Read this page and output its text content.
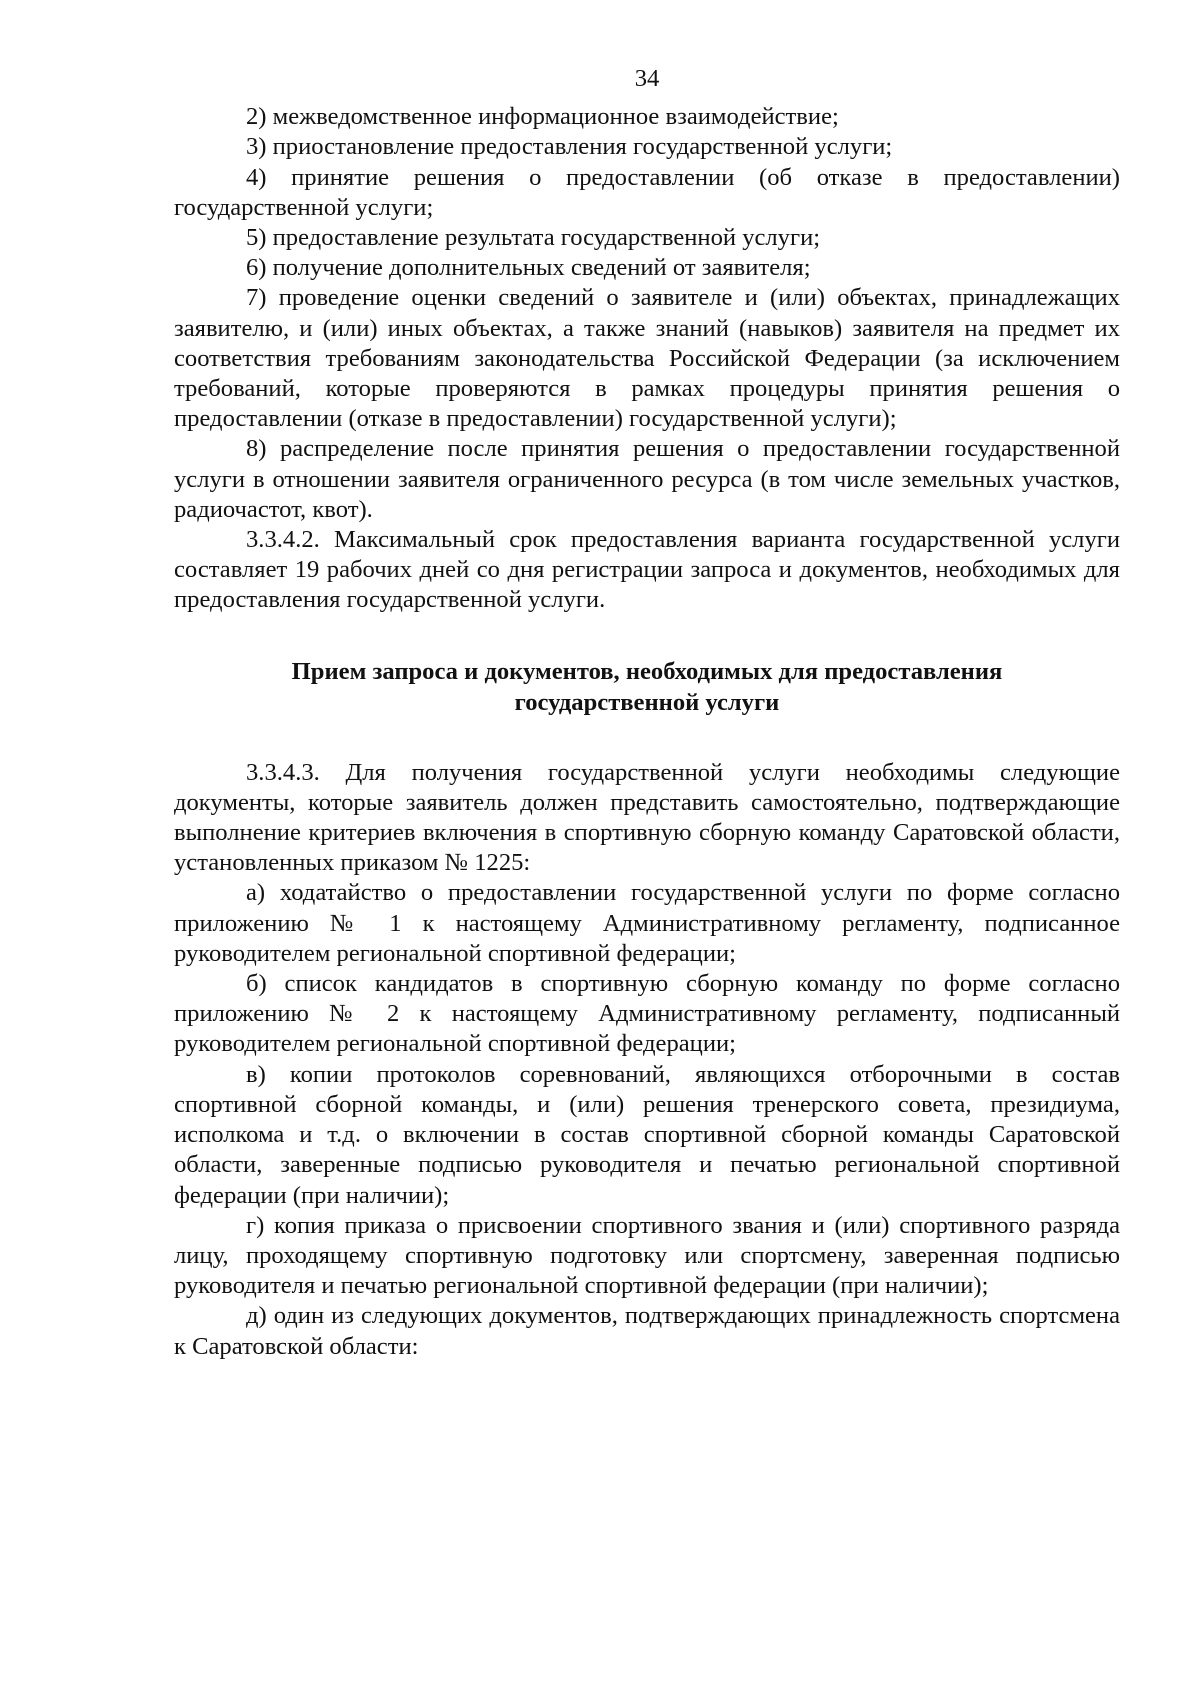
34

2) межведомственное информационное взаимодействие;

3) приостановление предоставления государственной услуги;

4) принятие решения о предоставлении (об отказе в предоставлении) государственной услуги;

5) предоставление результата государственной услуги;

6) получение дополнительных сведений от заявителя;

7) проведение оценки сведений о заявителе и (или) объектах, принадлежащих заявителю, и (или) иных объектах, а также знаний (навыков) заявителя на предмет их соответствия требованиям законодательства Российской Федерации (за исключением требований, которые проверяются в рамках процедуры принятия решения о предоставлении (отказе в предоставлении) государственной услуги);

8) распределение после принятия решения о предоставлении государственной услуги в отношении заявителя ограниченного ресурса (в том числе земельных участков, радиочастот, квот).

3.3.4.2. Максимальный срок предоставления варианта государственной услуги составляет 19 рабочих дней со дня регистрации запроса и документов, необходимых для предоставления государственной услуги.

Прием запроса и документов, необходимых для предоставления
государственной услуги

3.3.4.3. Для получения государственной услуги необходимы следующие документы, которые заявитель должен представить самостоятельно, подтверждающие выполнение критериев включения в спортивную сборную команду Саратовской области, установленных приказом № 1225:

а) ходатайство о предоставлении государственной услуги по форме согласно приложению № 1 к настоящему Административному регламенту, подписанное руководителем региональной спортивной федерации;

б) список кандидатов в спортивную сборную команду по форме согласно приложению № 2 к настоящему Административному регламенту, подписанный руководителем региональной спортивной федерации;

в) копии протоколов соревнований, являющихся отборочными в состав спортивной сборной команды, и (или) решения тренерского совета, президиума, исполкома и т.д. о включении в состав спортивной сборной команды Саратовской области, заверенные подписью руководителя и печатью региональной спортивной федерации (при наличии);

г) копия приказа о присвоении спортивного звания и (или) спортивного разряда лицу, проходящему спортивную подготовку или спортсмену, заверенная подписью руководителя и печатью региональной спортивной федерации (при наличии);

д) один из следующих документов, подтверждающих принадлежность спортсмена к Саратовской области:
